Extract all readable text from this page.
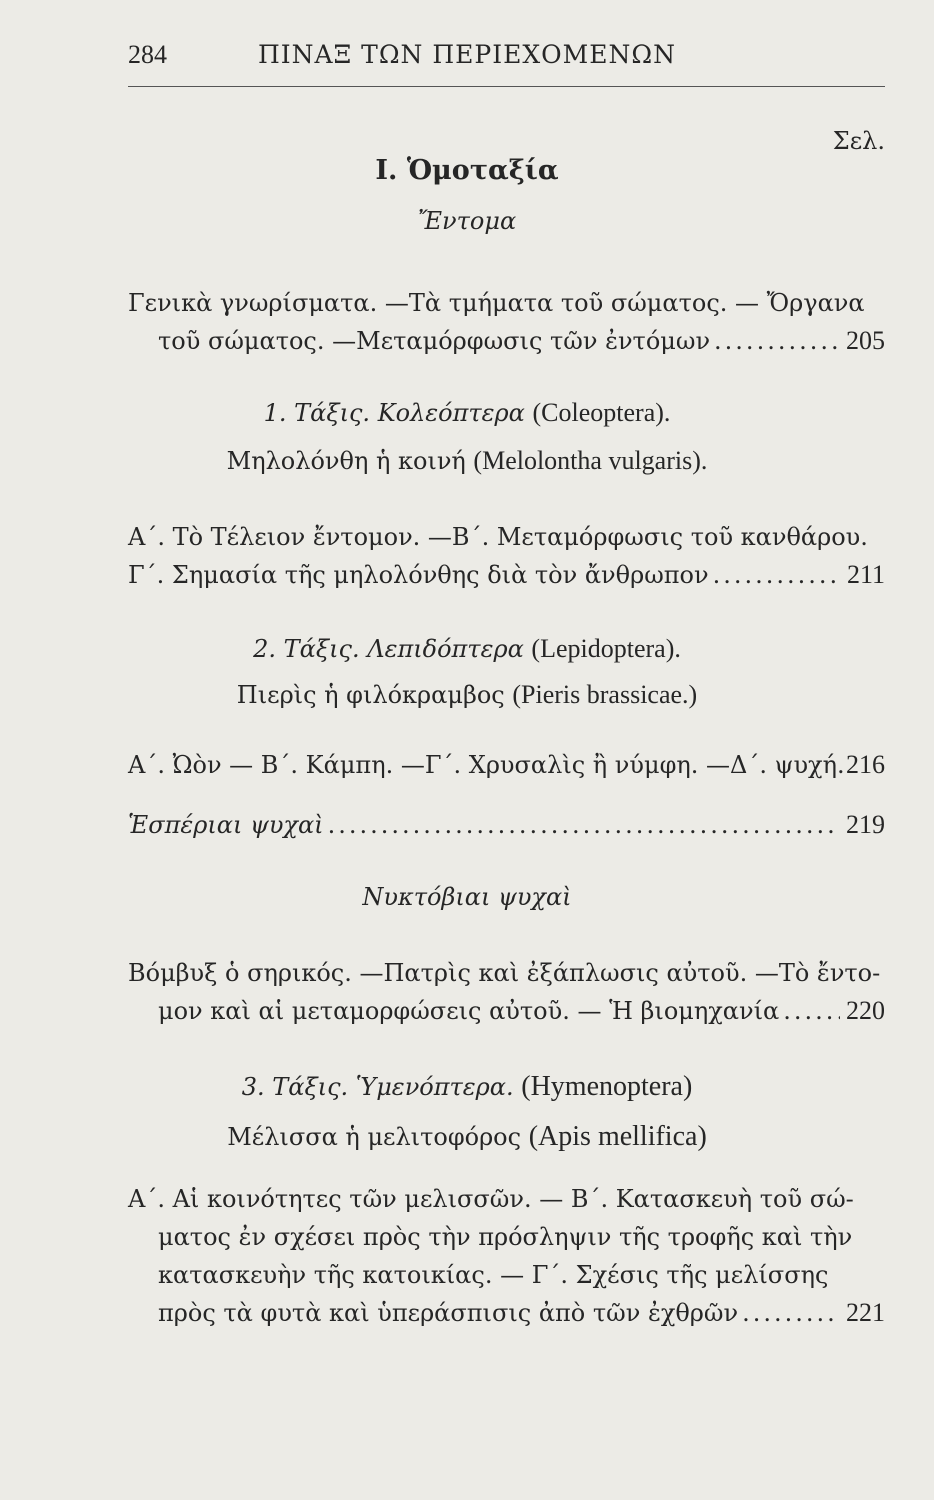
284	ΠΙΝΑΞ ΤΩΝ ΠΕΡΙΕΧΟΜΕΝΩΝ
Σελ.
I. Ὁμοταξία
Ἔντομα
Γενικὰ γνωρίσματα. —Τὰ τμήματα τοῦ σώματος. — Ὄργανα
τοῦ σώματος. —Μεταμόρφωσις τῶν ἐντόμων .....	205
1. Τάξις. Κολεόπτερα (Coleoptera).
Μηλολόνθη ἡ κοινή (Melolontha vulgaris).
Α΄. Τὸ Τέλειον ἔντομον. —Β΄. Μεταμόρφωσις τοῦ κανθάρου.
Γ΄. Σημασία τῆς μηλολόνθης διὰ τὸν ἄνθρωπον .....	211
2. Τάξις. Λεπιδόπτερα (Lepidoptera).
Πιερὶς ἡ φιλόκραμβος (Pieris brassicae.)
Α΄. Ὠὸν — Β΄. Κάμπη. —Γ΄. Χρυσαλὶς ἢ νύμφη. —Δ΄. ψυχή. 216
Ἑσπέριαι ψυχαὶ .....	219
Νυκτόβιαι ψυχαὶ
Βόμβυξ ὁ σηρικός. —Πατρὶς καὶ ἐξάπλωσις αὐτοῦ. —Τὸ ἔντο-
μον καὶ αἱ μεταμορφώσεις αὐτοῦ. — Ἡ βιομηχανία .....	220
3. Τάξις. Ὑμενόπτερα. (Hymenoptera)
Μέλισσα ἡ μελιτοφόρος (Apis mellifica)
Α΄. Αἱ κοινότητες τῶν μελισσῶν. — Β΄. Κατασκευὴ τοῦ σώ-
ματος ἐν σχέσει πρὸς τὴν πρόσληψιν τῆς τροφῆς καὶ τὴν
κατασκευὴν τῆς κατοικίας. — Γ΄. Σχέσις τῆς μελίσσης
πρὸς τὰ φυτὰ καὶ ὑπεράσπισις ἀπὸ τῶν ἐχθρῶν .....	221
